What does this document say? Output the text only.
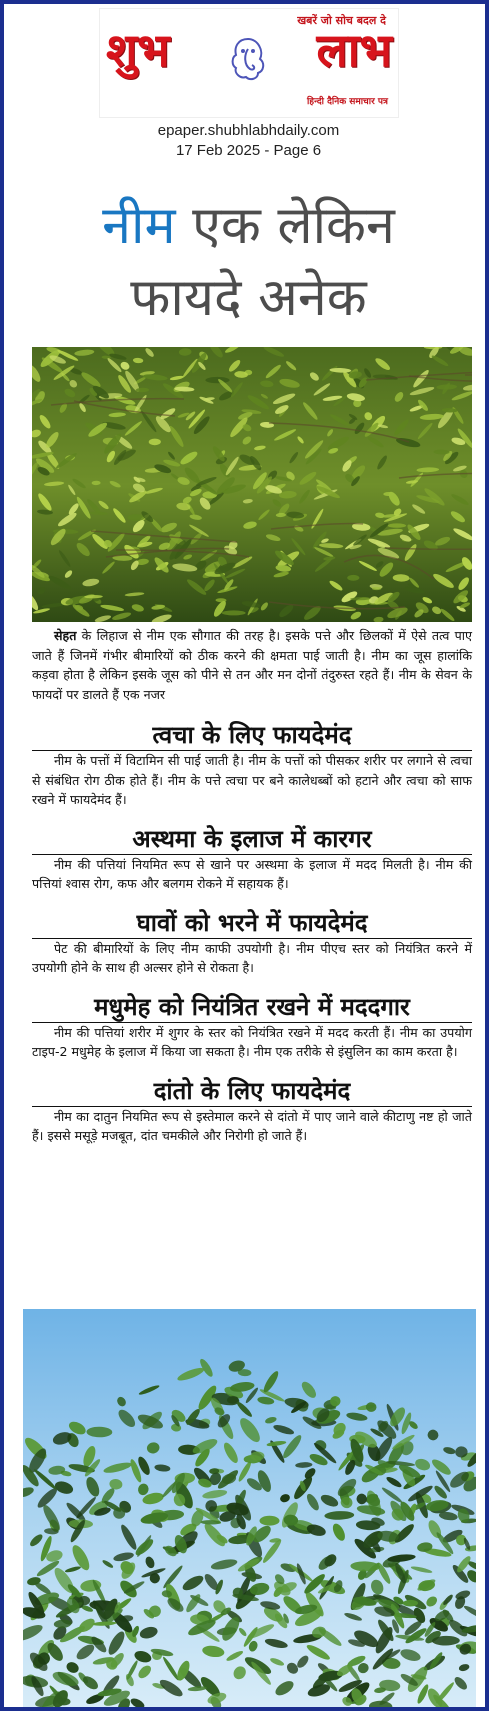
खबरें जो सोच बदल दे
शुभ	लाभ
हिन्दी दैनिक समाचार पत्र
epaper.shubhlabhdaily.com
17 Feb 2025 - Page 6
नीम एक लेकिन
फायदे अनेक

सेहत के लिहाज से नीम एक सौगात की तरह है। इसके पत्ते और छिलकों में ऐसे तत्व पाए जाते हैं जिनमें गंभीर बीमारियों को ठीक करने की क्षमता पाई जाती है। नीम का जूस हालांकि कड़वा होता है लेकिन इसके जूस को पीने से तन और मन दोनों तंदुरुस्त रहते हैं। नीम के सेवन के फायदों पर डालते हैं एक नजर

त्वचा के लिए फायदेमंद

नीम के पत्तों में विटामिन सी पाई जाती है। नीम के पत्तों को पीसकर शरीर पर लगाने से त्वचा से संबंधित रोग ठीक होते हैं। नीम के पत्ते त्वचा पर बने कालेधब्बों को हटाने और त्वचा को साफ रखने में फायदेमंद हैं।

अस्थमा के इलाज में कारगर

नीम की पत्तियां नियमित रूप से खाने पर अस्थमा के इलाज में मदद मिलती है। नीम की पत्तियां श्वास रोग, कफ और बलगम रोकने में सहायक हैं।

घावों को भरने में फायदेमंद

पेट की बीमारियों के लिए नीम काफी उपयोगी है। नीम पीएच स्तर को नियंत्रित करने में उपयोगी होने के साथ ही अल्सर होने से रोकता है।

मधुमेह को नियंत्रित रखने में मददगार

नीम की पत्तियां शरीर में शुगर के स्तर को नियंत्रित रखने में मदद करती हैं। नीम का उपयोग टाइप-2 मधुमेह के इलाज में किया जा सकता है। नीम एक तरीके से इंसुलिन का काम करता है।

दांतो के लिए फायदेमंद

नीम का दातुन नियमित रूप से इस्तेमाल करने से दांतो में पाए जाने वाले कीटाणु नष्ट हो जाते हैं। इससे मसूड़े मजबूत, दांत चमकीले और निरोगी हो जाते हैं।
